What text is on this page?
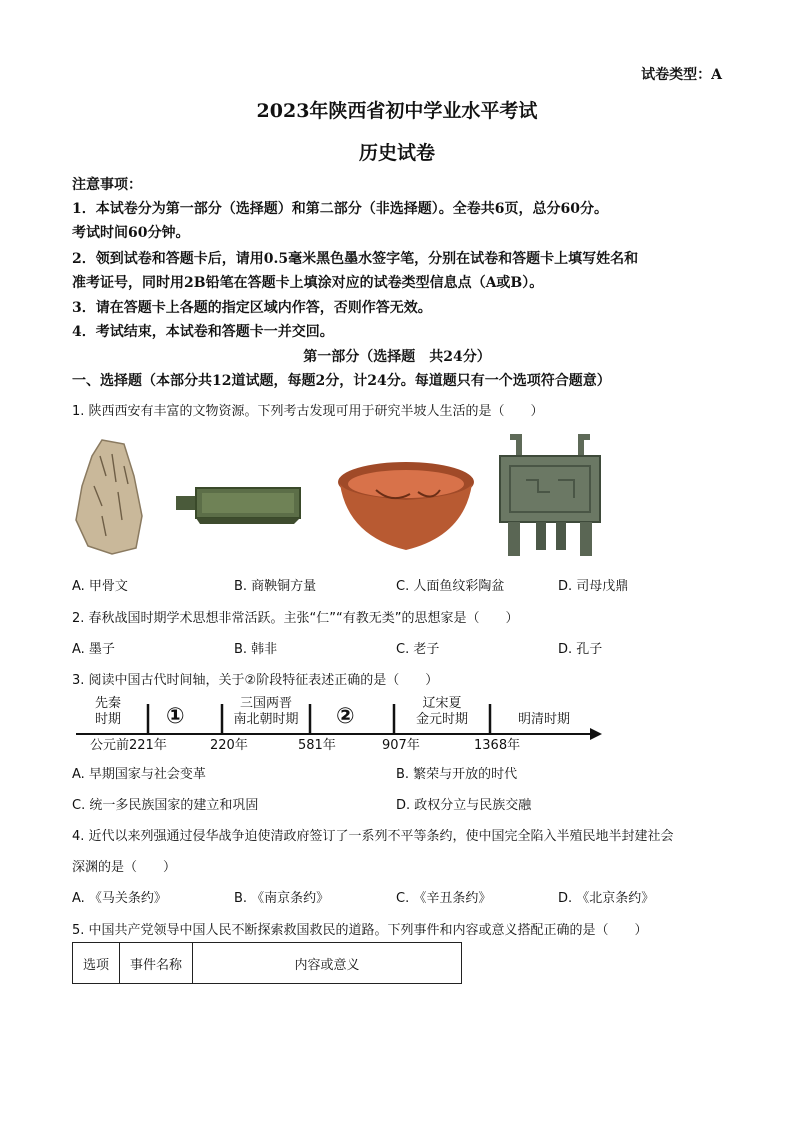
试卷类型：A
2023年陕西省初中学业水平考试
历史试卷
注意事项：
1．本试卷分为第一部分（选择题）和第二部分（非选择题）。全卷共6页，总分60分。
考试时间60分钟。
2．领到试卷和答题卡后，请用0.5毫米黑色墨水签字笔，分别在试卷和答题卡上填写姓名和
准考证号，同时用2B铅笔在答题卡上填涂对应的试卷类型信息点（A或B）。
3．请在答题卡上各题的指定区域内作答，否则作答无效。
4．考试结束，本试卷和答题卡一并交回。
第一部分（选择题　共24分）
一、选择题（本部分共12道试题，每题2分，计24分。每道题只有一个选项符合题意）
1. 陕西西安有丰富的文物资源。下列考古发现可用于研究半坡人生活的是（　　）
A. 甲骨文	B. 商鞅铜方量	C. 人面鱼纹彩陶盆	D. 司母戊鼎
2. 春秋战国时期学术思想非常活跃。主张“仁”“有教无类”的思想家是（　　）
A. 墨子	B. 韩非	C. 老子	D. 孔子
3. 阅读中国古代时间轴，关于②阶段特征表述正确的是（　　）
先秦
时期	①
三国两晋
南北朝时期	②
辽宋夏
金元时期	明清时期
公元前221年	220年	581年	907年	1368年
A. 早期国家与社会变革	B. 繁荣与开放的时代
C. 统一多民族国家的建立和巩固	D. 政权分立与民族交融
4. 近代以来列强通过侵华战争迫使清政府签订了一系列不平等条约，使中国完全陷入半殖民地半封建社会
深渊的是（　　）
A. 《马关条约》	B. 《南京条约》	C. 《辛丑条约》	D. 《北京条约》
5. 中国共产党领导中国人民不断探索救国救民的道路。下列事件和内容或意义搭配正确的是（　　）
选项	事件名称	内容或意义
